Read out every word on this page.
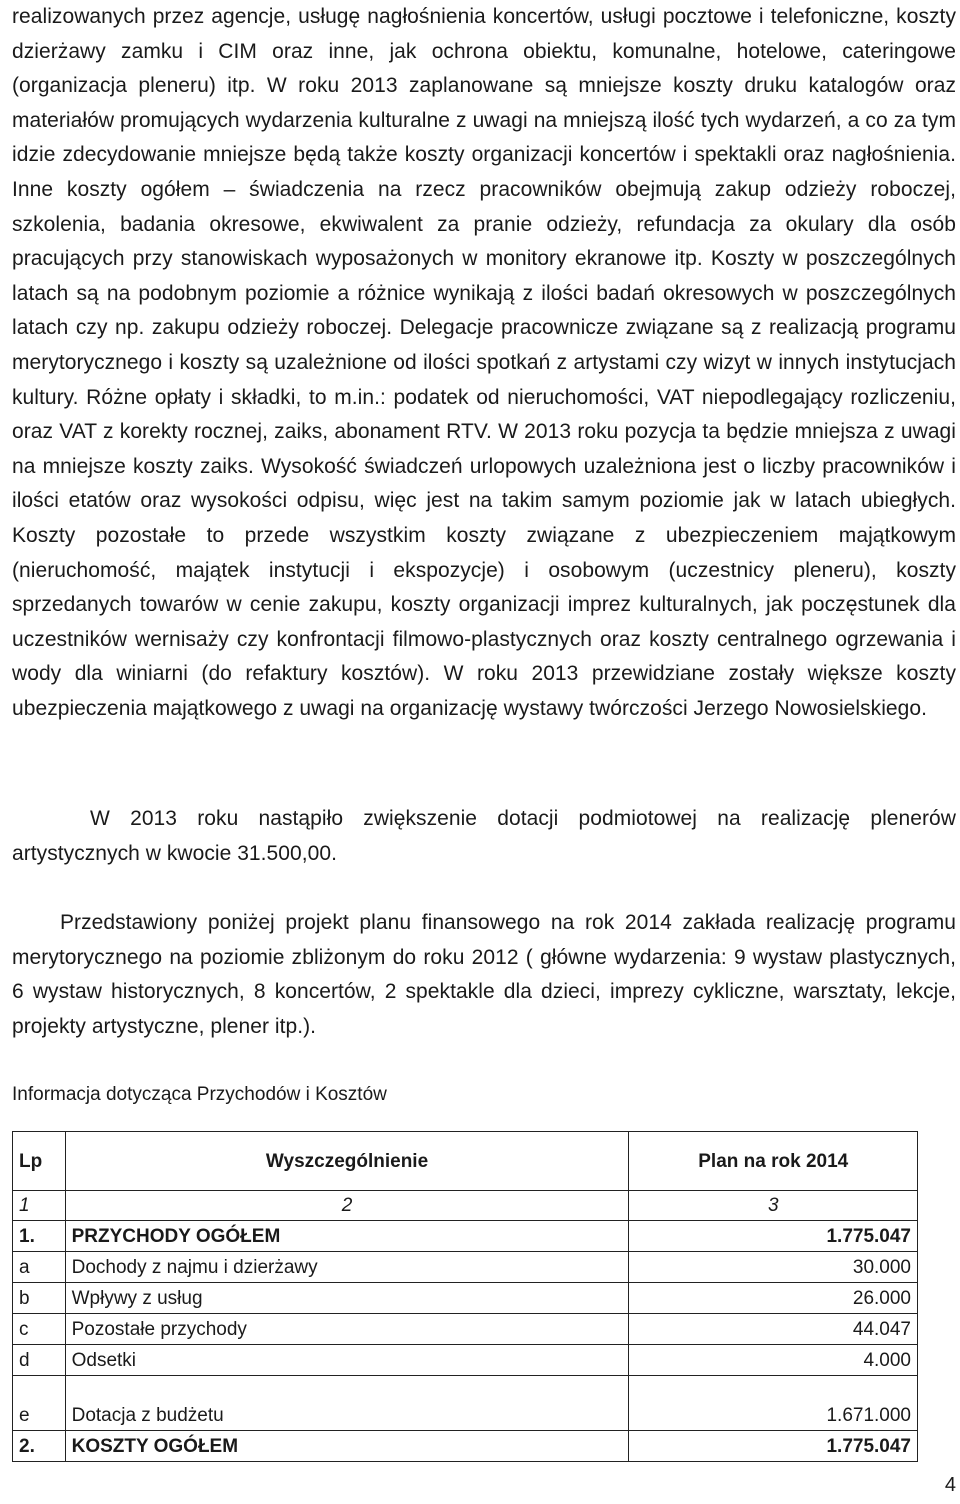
realizowanych przez agencje, usługę nagłośnienia koncertów, usługi pocztowe i telefoniczne, koszty dzierżawy zamku i CIM oraz inne, jak ochrona obiektu, komunalne, hotelowe, cateringowe (organizacja pleneru) itp. W roku 2013 zaplanowane są mniejsze koszty druku katalogów oraz materiałów promujących wydarzenia kulturalne z uwagi na mniejszą ilość tych wydarzeń, a co za tym idzie zdecydowanie mniejsze będą także koszty organizacji koncertów i spektakli oraz nagłośnienia. Inne koszty ogółem – świadczenia na rzecz pracowników obejmują zakup odzieży roboczej, szkolenia, badania okresowe, ekwiwalent za pranie odzieży, refundacja za okulary dla osób pracujących przy stanowiskach wyposażonych w monitory ekranowe itp. Koszty w poszczególnych latach są na podobnym poziomie a różnice wynikają z ilości badań okresowych w poszczególnych latach czy np. zakupu odzieży roboczej. Delegacje pracownicze związane są z realizacją programu merytorycznego i koszty są uzależnione od ilości spotkań z artystami czy wizyt w innych instytucjach kultury. Różne opłaty i składki, to m.in.: podatek od nieruchomości, VAT niepodlegający rozliczeniu, oraz VAT z korekty rocznej, zaiks, abonament RTV. W 2013 roku pozycja ta będzie mniejsza z uwagi na mniejsze koszty zaiks. Wysokość świadczeń urlopowych uzależniona jest o liczby pracowników i ilości etatów oraz wysokości odpisu, więc jest na takim samym poziomie jak w latach ubiegłych. Koszty pozostałe to przede wszystkim koszty związane z ubezpieczeniem majątkowym (nieruchomość, majątek instytucji i ekspozycje) i osobowym (uczestnicy pleneru), koszty sprzedanych towarów w cenie zakupu, koszty organizacji imprez kulturalnych, jak poczęstunek dla uczestników wernisaży czy konfrontacji filmowo-plastycznych oraz koszty centralnego ogrzewania i wody dla winiarni (do refaktury kosztów). W roku 2013 przewidziane zostały większe koszty ubezpieczenia majątkowego z uwagi na organizację wystawy twórczości Jerzego Nowosielskiego.

W 2013 roku nastąpiło zwiększenie dotacji podmiotowej na realizację plenerów artystycznych w kwocie 31.500,00.

Przedstawiony poniżej projekt planu finansowego na rok 2014 zakłada realizację programu merytorycznego na poziomie zbliżonym do roku 2012 ( główne wydarzenia: 9 wystaw plastycznych, 6 wystaw historycznych, 8 koncertów, 2 spektakle dla dzieci, imprezy cykliczne, warsztaty, lekcje, projekty artystyczne, plener itp.).

Informacja dotycząca Przychodów i Kosztów
Lp	Wyszczególnienie	Plan na rok 2014
1	2	3
1.	PRZYCHODY OGÓŁEM	1.775.047
a	Dochody z najmu i dzierżawy	30.000
b	Wpływy z usług	26.000
c	Pozostałe przychody	44.047
d	Odsetki	4.000
e	Dotacja z budżetu	1.671.000
2.	KOSZTY OGÓŁEM	1.775.047
4
